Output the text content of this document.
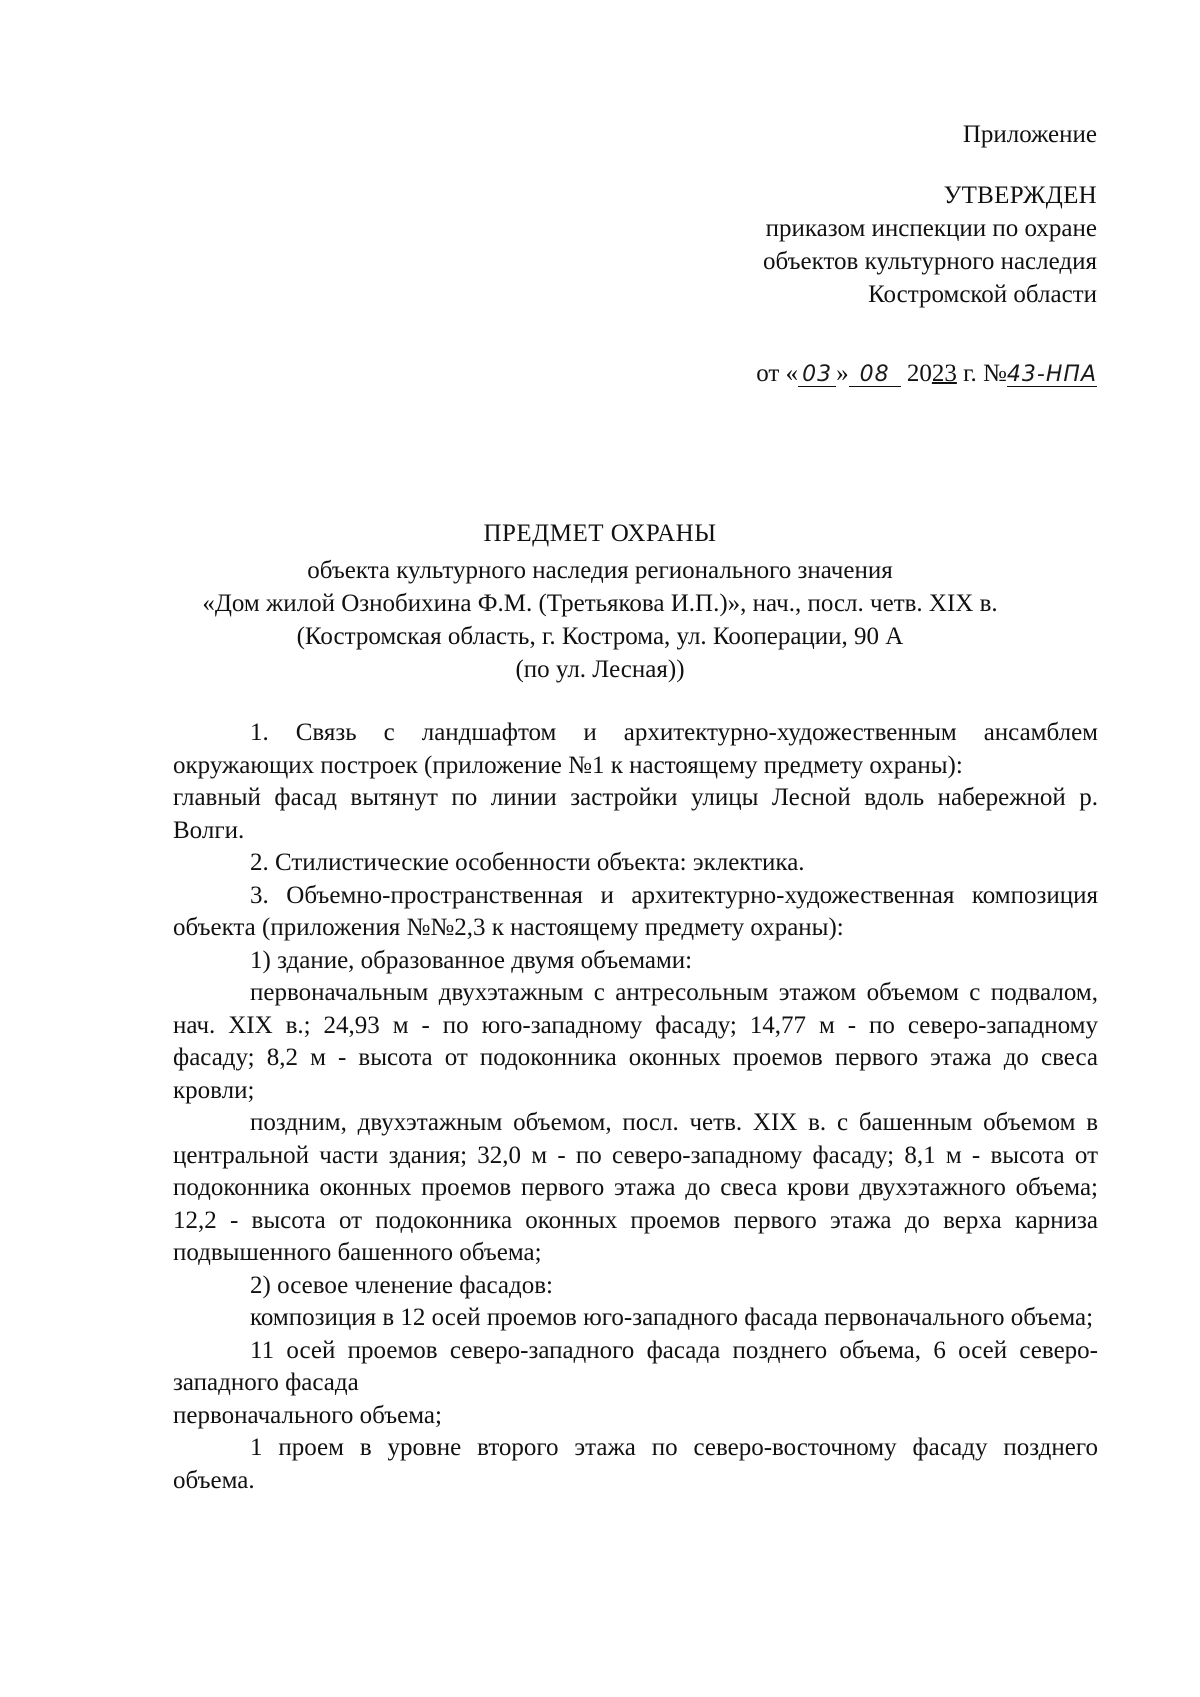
Приложение
УТВЕРЖДЕН
приказом инспекции по охране
объектов культурного наследия
Костромской области
от « 03 » 08 2023 г. №43-НПА
ПРЕДМЕТ ОХРАНЫ
объекта культурного наследия регионального значения
«Дом жилой Ознобихина Ф.М. (Третьякова И.П.)», нач., посл. четв. XIX в.
(Костромская область, г. Кострома, ул. Кооперации, 90 А
(по ул. Лесная))

1. Связь с ландшафтом и архитектурно-художественным ансамблем окружающих построек (приложение №1 к настоящему предмету охраны):

главный фасад вытянут по линии застройки улицы Лесной вдоль набережной р. Волги.

2. Стилистические особенности объекта: эклектика.

3. Объемно-пространственная и архитектурно-художественная композиция объекта (приложения №№2,3 к настоящему предмету охраны):

1) здание, образованное двумя объемами:

первоначальным двухэтажным с антресольным этажом объемом с подвалом, нач. XIX в.; 24,93 м - по юго-западному фасаду; 14,77 м - по северо-западному фасаду; 8,2 м - высота от подоконника оконных проемов первого этажа до свеса кровли;

поздним, двухэтажным объемом, посл. четв. XIX в. с башенным объемом в центральной части здания; 32,0 м - по северо-западному фасаду; 8,1 м - высота от подоконника оконных проемов первого этажа до свеса крови двухэтажного объема; 12,2 - высота от подоконника оконных проемов первого этажа до верха карниза подвышенного башенного объема;

2) осевое членение фасадов:

композиция в 12 осей проемов юго-западного фасада первоначального объема;

11 осей проемов северо-западного фасада позднего объема, 6 осей северо-западного фасада

первоначального объема;

1 проем в уровне второго этажа по северо-восточному фасаду позднего объема.
